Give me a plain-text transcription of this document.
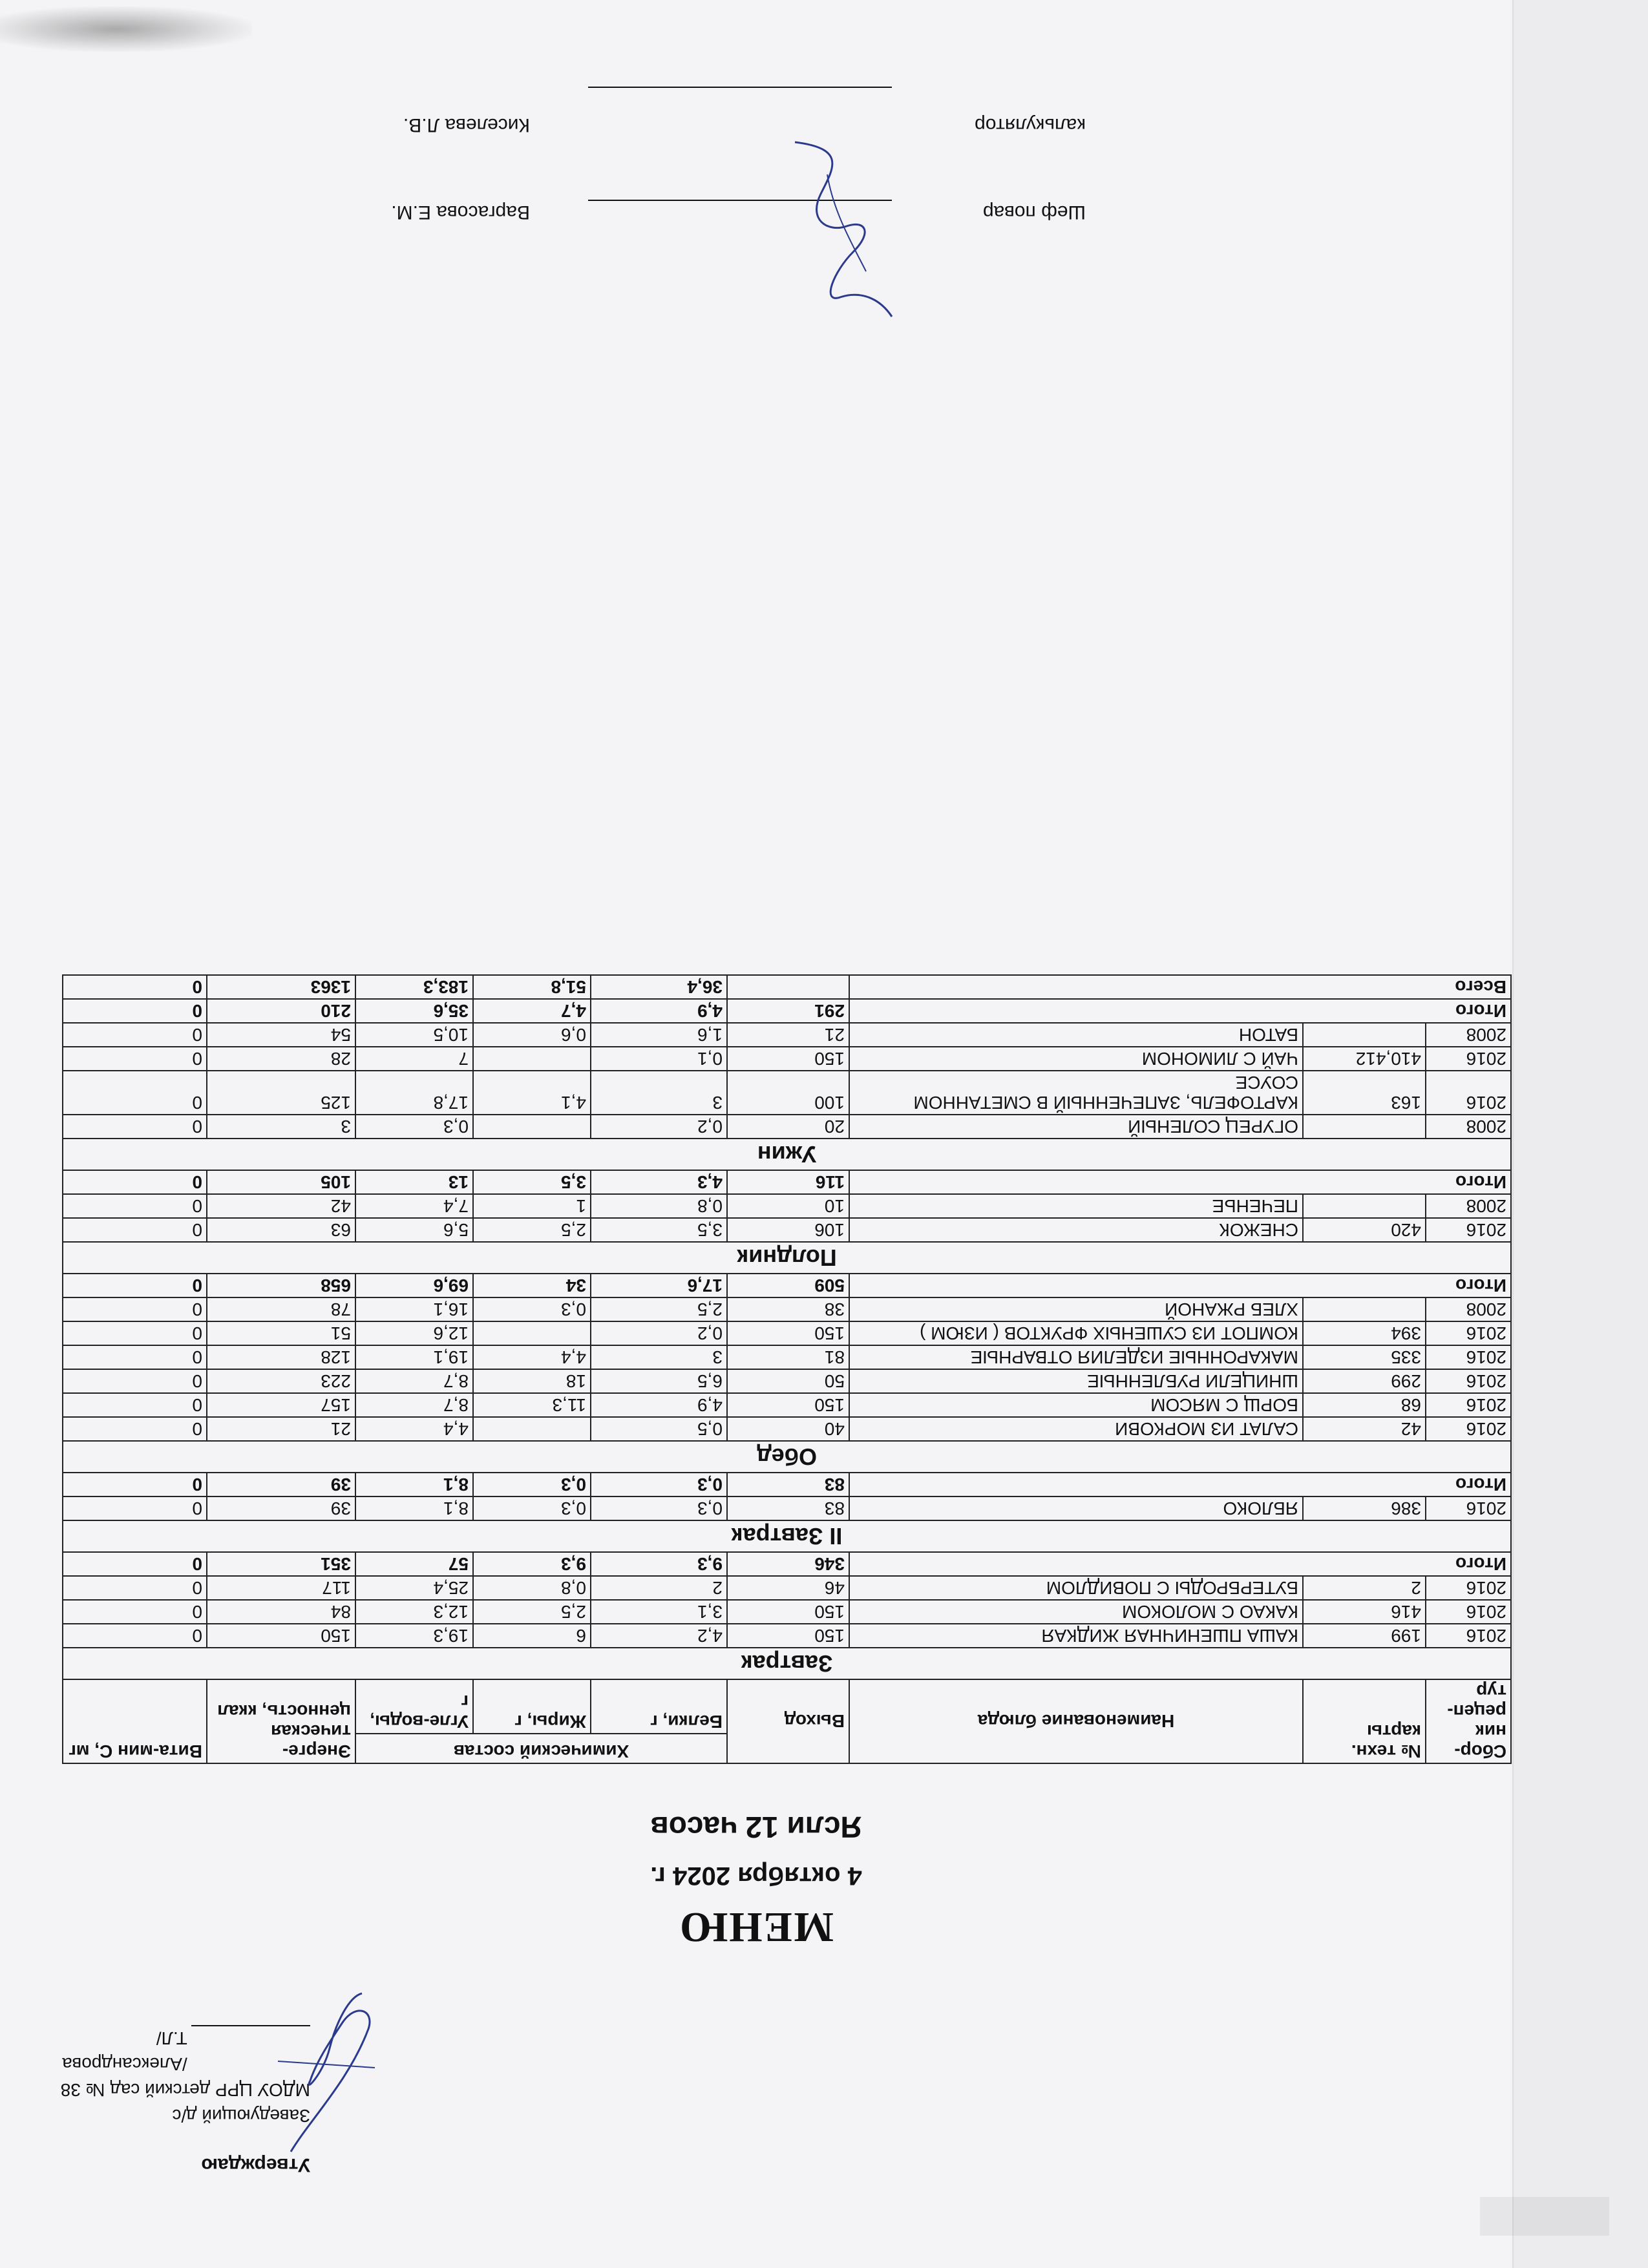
Утверждаю
Заведующий д/с
МДОУ ЦРР детский сад № 38
/Александрова Т.Л/
МЕНЮ
4 октября 2024 г.
Ясли 12 часов
Сбор-ник рецеп-тур	№ техн. карты	Наименование блюда	Выход	Химический состав			Энерге-тическая ценность, ккал	Вита-мин С, мг
				Белки, г	Жиры, г	Угле-воды, г		
Завтрак								
2016	199	КАША ПШЕНИЧНАЯ ЖИДКАЯ	150	4,2	6	19,3	150	0
2016	416	КАКАО С МОЛОКОМ	150	3,1	2,5	12,3	84	0
2016	2	БУТЕРБРОДЫ С ПОВИДЛОМ	46	2	0,8	25,4	117	0
Итого			346	9,3	9,3	57	351	0
II Завтрак								
2016	386	ЯБЛОКО	83	0,3	0,3	8,1	39	0
Итого			83	0,3	0,3	8,1	39	0
Обед								
2016	42	САЛАТ ИЗ МОРКОВИ	40	0,5		4,4	21	0
2016	68	БОРЩ С МЯСОМ	150	4,9	11,3	8,7	157	0
2016	299	ШНИЦЕЛИ РУБЛЕННЫЕ	50	6,5	18	8,7	223	0
2016	335	МАКАРОННЫЕ ИЗДЕЛИЯ ОТВАРНЫЕ	81	3	4,4	19,1	128	0
2016	394	КОМПОТ ИЗ СУШЕНЫХ ФРУКТОВ ( ИЗЮМ )	150	0,2		12,6	51	0
2008		ХЛЕБ РЖАНОЙ	38	2,5	0,3	16,1	78	0
Итого			509	17,6	34	69,6	658	0
Полдник								
2016	420	СНЕЖОК	106	3,5	2,5	5,6	63	0
2008		ПЕЧЕНЬЕ	10	0,8	1	7,4	42	0
Итого			116	4,3	3,5	13	105	0
Ужин								
2008		ОГУРЕЦ СОЛЕНЫЙ	20	0,2		0,3	3	0
2016	163	КАРТОФЕЛЬ, ЗАПЕЧЕННЫЙ В СМЕТАННОМ СОУСЕ	100	3	4,1	17,8	125	0
2016	410,412	ЧАЙ С ЛИМОНОМ	150	0,1		7	28	0
2008		БАТОН	21	1,6	0,6	10,5	54	0
Итого			291	4,9	4,7	35,6	210	0
Всего				36,4	51,8	183,3	1363	0
Шеф повар
Варгасова Е.М.
калькулятор
Киселева Л.В.
